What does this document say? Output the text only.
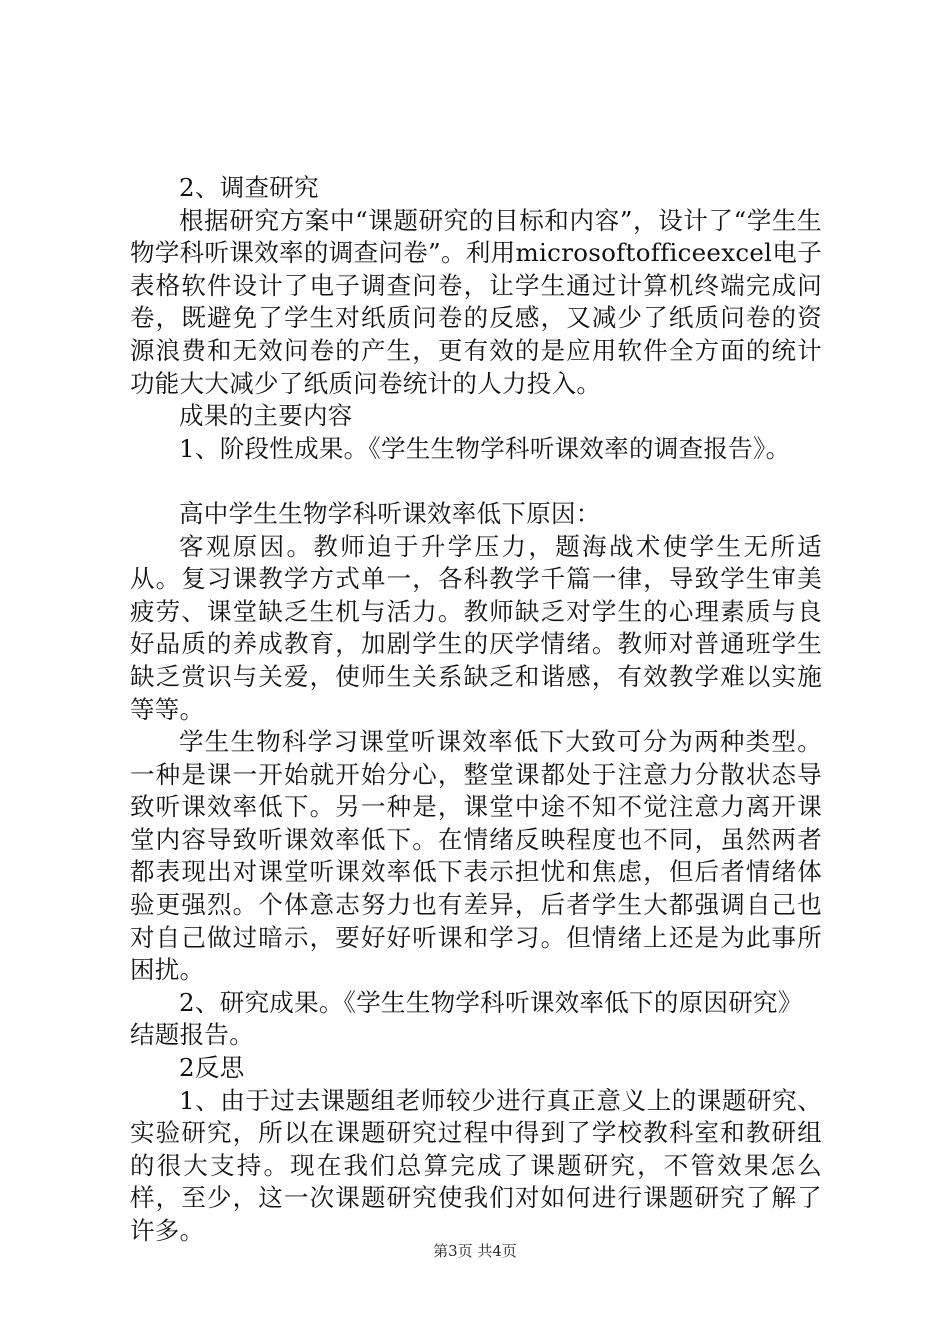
2、调查研究

根据研究方案中“课题研究的目标和内容”，设计了“学生生物学科听课效率的调查问卷”。利用microsoftofficeexcel电子表格软件设计了电子调查问卷，让学生通过计算机终端完成问卷，既避免了学生对纸质问卷的反感，又减少了纸质问卷的资源浪费和无效问卷的产生，更有效的是应用软件全方面的统计功能大大减少了纸质问卷统计的人力投入。

成果的主要内容

1、阶段性成果。《学生生物学科听课效率的调查报告》。

高中学生生物学科听课效率低下原因：

客观原因。教师迫于升学压力，题海战术使学生无所适从。复习课教学方式单一，各科教学千篇一律，导致学生审美疲劳、课堂缺乏生机与活力。教师缺乏对学生的心理素质与良好品质的养成教育，加剧学生的厌学情绪。教师对普通班学生缺乏赏识与关爱，使师生关系缺乏和谐感，有效教学难以实施等等。

学生生物科学习课堂听课效率低下大致可分为两种类型。一种是课一开始就开始分心，整堂课都处于注意力分散状态导致听课效率低下。另一种是，课堂中途不知不觉注意力离开课堂内容导致听课效率低下。在情绪反映程度也不同，虽然两者都表现出对课堂听课效率低下表示担忧和焦虑，但后者情绪体验更强烈。个体意志努力也有差异，后者学生大都强调自己也对自己做过暗示，要好好听课和学习。但情绪上还是为此事所困扰。

2、研究成果。《学生生物学科听课效率低下的原因研究》结题报告。

2反思

1、由于过去课题组老师较少进行真正意义上的课题研究、实验研究，所以在课题研究过程中得到了学校教科室和教研组的很大支持。现在我们总算完成了课题研究，不管效果怎么样，至少，这一次课题研究使我们对如何进行课题研究了解了许多。

第3页 共4页
